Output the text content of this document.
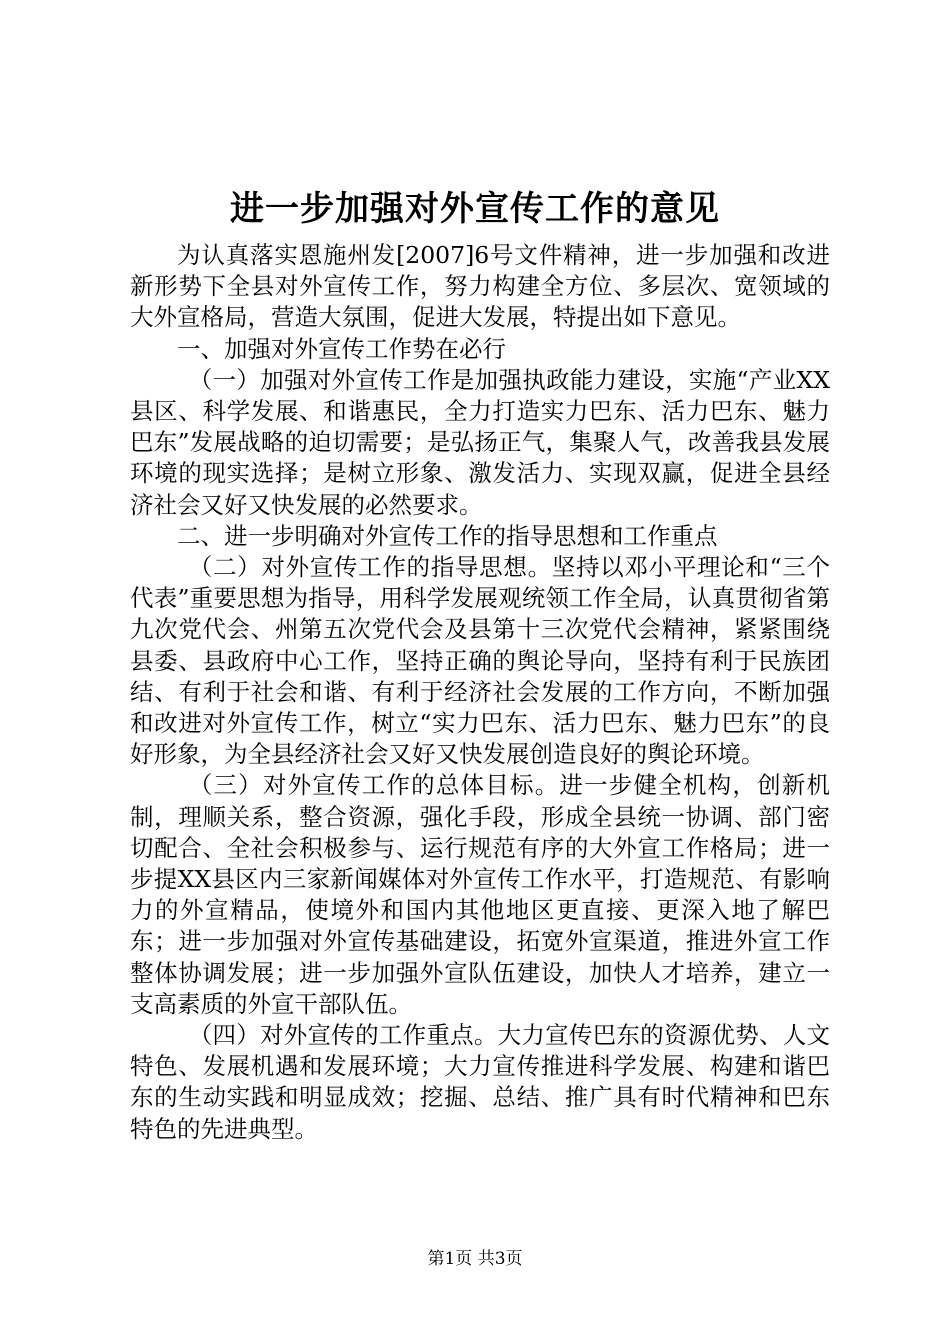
进一步加强对外宣传工作的意见

为认真落实恩施州发[2007]6号文件精神，进一步加强和改进新形势下全县对外宣传工作，努力构建全方位、多层次、宽领域的大外宣格局，营造大氛围，促进大发展，特提出如下意见。

一、加强对外宣传工作势在必行

（一）加强对外宣传工作是加强执政能力建设，实施“产业XX县区、科学发展、和谐惠民，全力打造实力巴东、活力巴东、魅力巴东”发展战略的迫切需要；是弘扬正气，集聚人气，改善我县发展环境的现实选择；是树立形象、激发活力、实现双赢，促进全县经济社会又好又快发展的必然要求。

二、进一步明确对外宣传工作的指导思想和工作重点

（二）对外宣传工作的指导思想。坚持以邓小平理论和“三个代表”重要思想为指导，用科学发展观统领工作全局，认真贯彻省第九次党代会、州第五次党代会及县第十三次党代会精神，紧紧围绕县委、县政府中心工作，坚持正确的舆论导向，坚持有利于民族团结、有利于社会和谐、有利于经济社会发展的工作方向，不断加强和改进对外宣传工作，树立“实力巴东、活力巴东、魅力巴东”的良好形象，为全县经济社会又好又快发展创造良好的舆论环境。

（三）对外宣传工作的总体目标。进一步健全机构，创新机制，理顺关系，整合资源，强化手段，形成全县统一协调、部门密切配合、全社会积极参与、运行规范有序的大外宣工作格局；进一步提XX县区内三家新闻媒体对外宣传工作水平，打造规范、有影响力的外宣精品，使境外和国内其他地区更直接、更深入地了解巴东；进一步加强对外宣传基础建设，拓宽外宣渠道，推进外宣工作整体协调发展；进一步加强外宣队伍建设，加快人才培养，建立一支高素质的外宣干部队伍。

（四）对外宣传的工作重点。大力宣传巴东的资源优势、人文特色、发展机遇和发展环境；大力宣传推进科学发展、构建和谐巴东的生动实践和明显成效；挖掘、总结、推广具有时代精神和巴东特色的先进典型。

第1页 共3页
